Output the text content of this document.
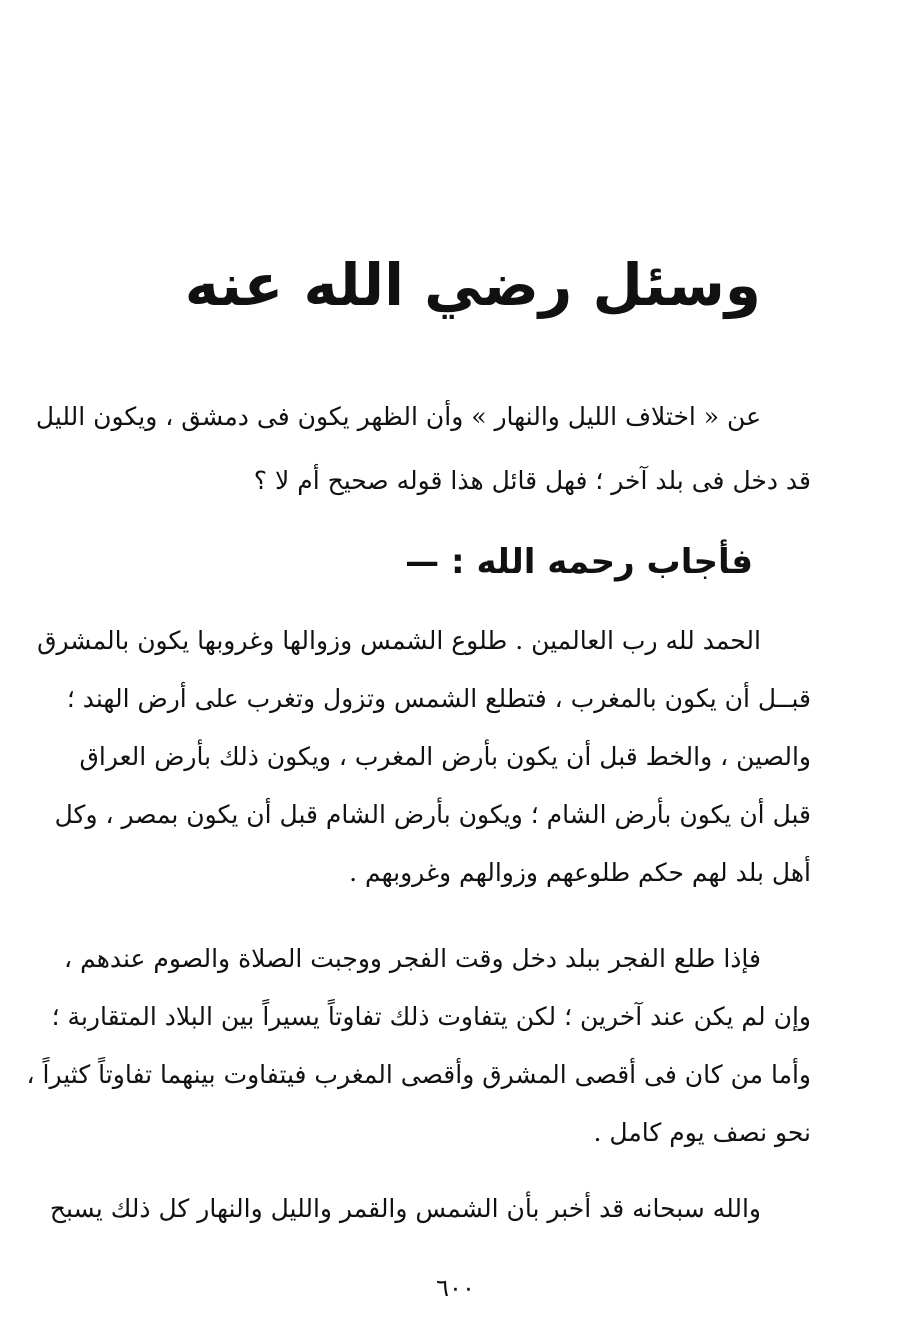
وسئل رضي الله عنه
عن « اختلاف الليل والنهار » وأن الظهر يكون فى دمشق ، ويكون الليل
قد دخل فى بلد آخر ؛ فهل قائل هذا قوله صحيح أم لا ؟
فأجاب رحمه الله : —
الحمد لله رب العالمين . طلوع الشمس وزوالها وغروبها يكون بالمشرق
قبــل أن يكون بالمغرب ، فتطلع الشمس وتزول وتغرب على أرض الهند ؛
والصين ، والخط قبل أن يكون بأرض المغرب ، ويكون ذلك بأرض العراق
قبل أن يكون بأرض الشام ؛ ويكون بأرض الشام قبل أن يكون بمصر ، وكل
أهل بلد لهم حكم طلوعهم وزوالهم وغروبهم .
فإذا طلع الفجر ببلد دخل وقت الفجر ووجبت الصلاة والصوم عندهم ،
وإن لم يكن عند آخرين ؛ لكن يتفاوت ذلك تفاوتاً يسيراً بين البلاد المتقاربة ؛
وأما من كان فى أقصى المشرق وأقصى المغرب فيتفاوت بينهما تفاوتاً كثيراً ،
نحو نصف يوم كامل .
والله سبحانه قد أخبر بأن الشمس والقمر والليل والنهار كل ذلك يسبح
٦٠٠
